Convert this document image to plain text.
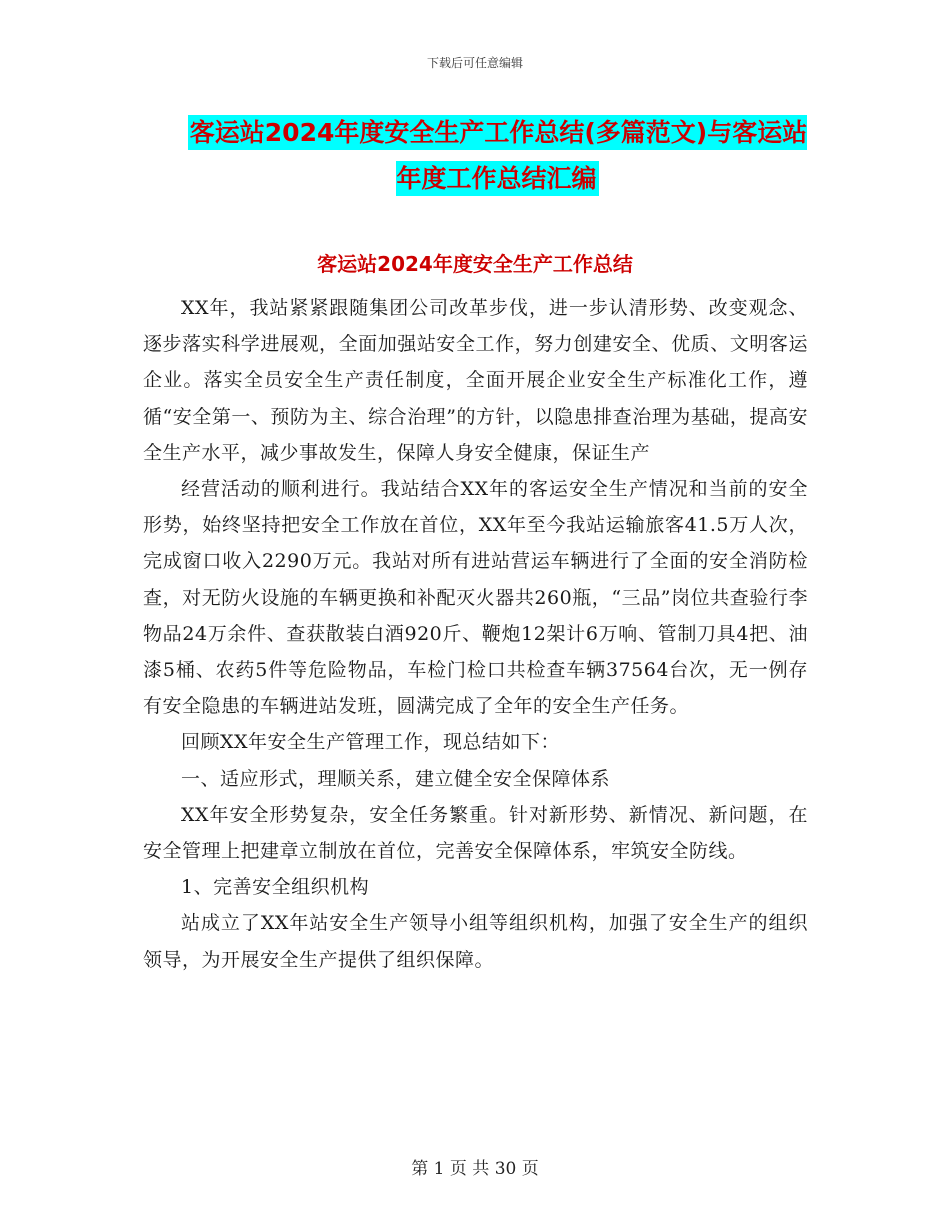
下载后可任意编辑
客运站2024年度安全生产工作总结(多篇范文)与客运站年度工作总结汇编
客运站2024年度安全生产工作总结

XX年，我站紧紧跟随集团公司改革步伐，进一步认清形势、改变观念、逐步落实科学进展观，全面加强站安全工作，努力创建安全、优质、文明客运企业。落实全员安全生产责任制度，全面开展企业安全生产标准化工作，遵循“安全第一、预防为主、综合治理”的方针，以隐患排查治理为基础，提高安全生产水平，减少事故发生，保障人身安全健康，保证生产

经营活动的顺利进行。我站结合XX年的客运安全生产情况和当前的安全形势，始终坚持把安全工作放在首位，XX年至今我站运输旅客41.5万人次，完成窗口收入2290万元。我站对所有进站营运车辆进行了全面的安全消防检查，对无防火设施的车辆更换和补配灭火器共260瓶，“三品”岗位共查验行李物品24万余件、查获散装白酒920斤、鞭炮12架计6万响、管制刀具4把、油漆5桶、农药5件等危险物品，车检门检口共检查车辆37564台次，无一例存有安全隐患的车辆进站发班，圆满完成了全年的安全生产任务。

回顾XX年安全生产管理工作，现总结如下：

一、适应形式，理顺关系，建立健全安全保障体系

XX年安全形势复杂，安全任务繁重。针对新形势、新情况、新问题，在安全管理上把建章立制放在首位，完善安全保障体系，牢筑安全防线。

1、完善安全组织机构

站成立了XX年站安全生产领导小组等组织机构，加强了安全生产的组织领导，为开展安全生产提供了组织保障。

第 1 页 共 30 页
